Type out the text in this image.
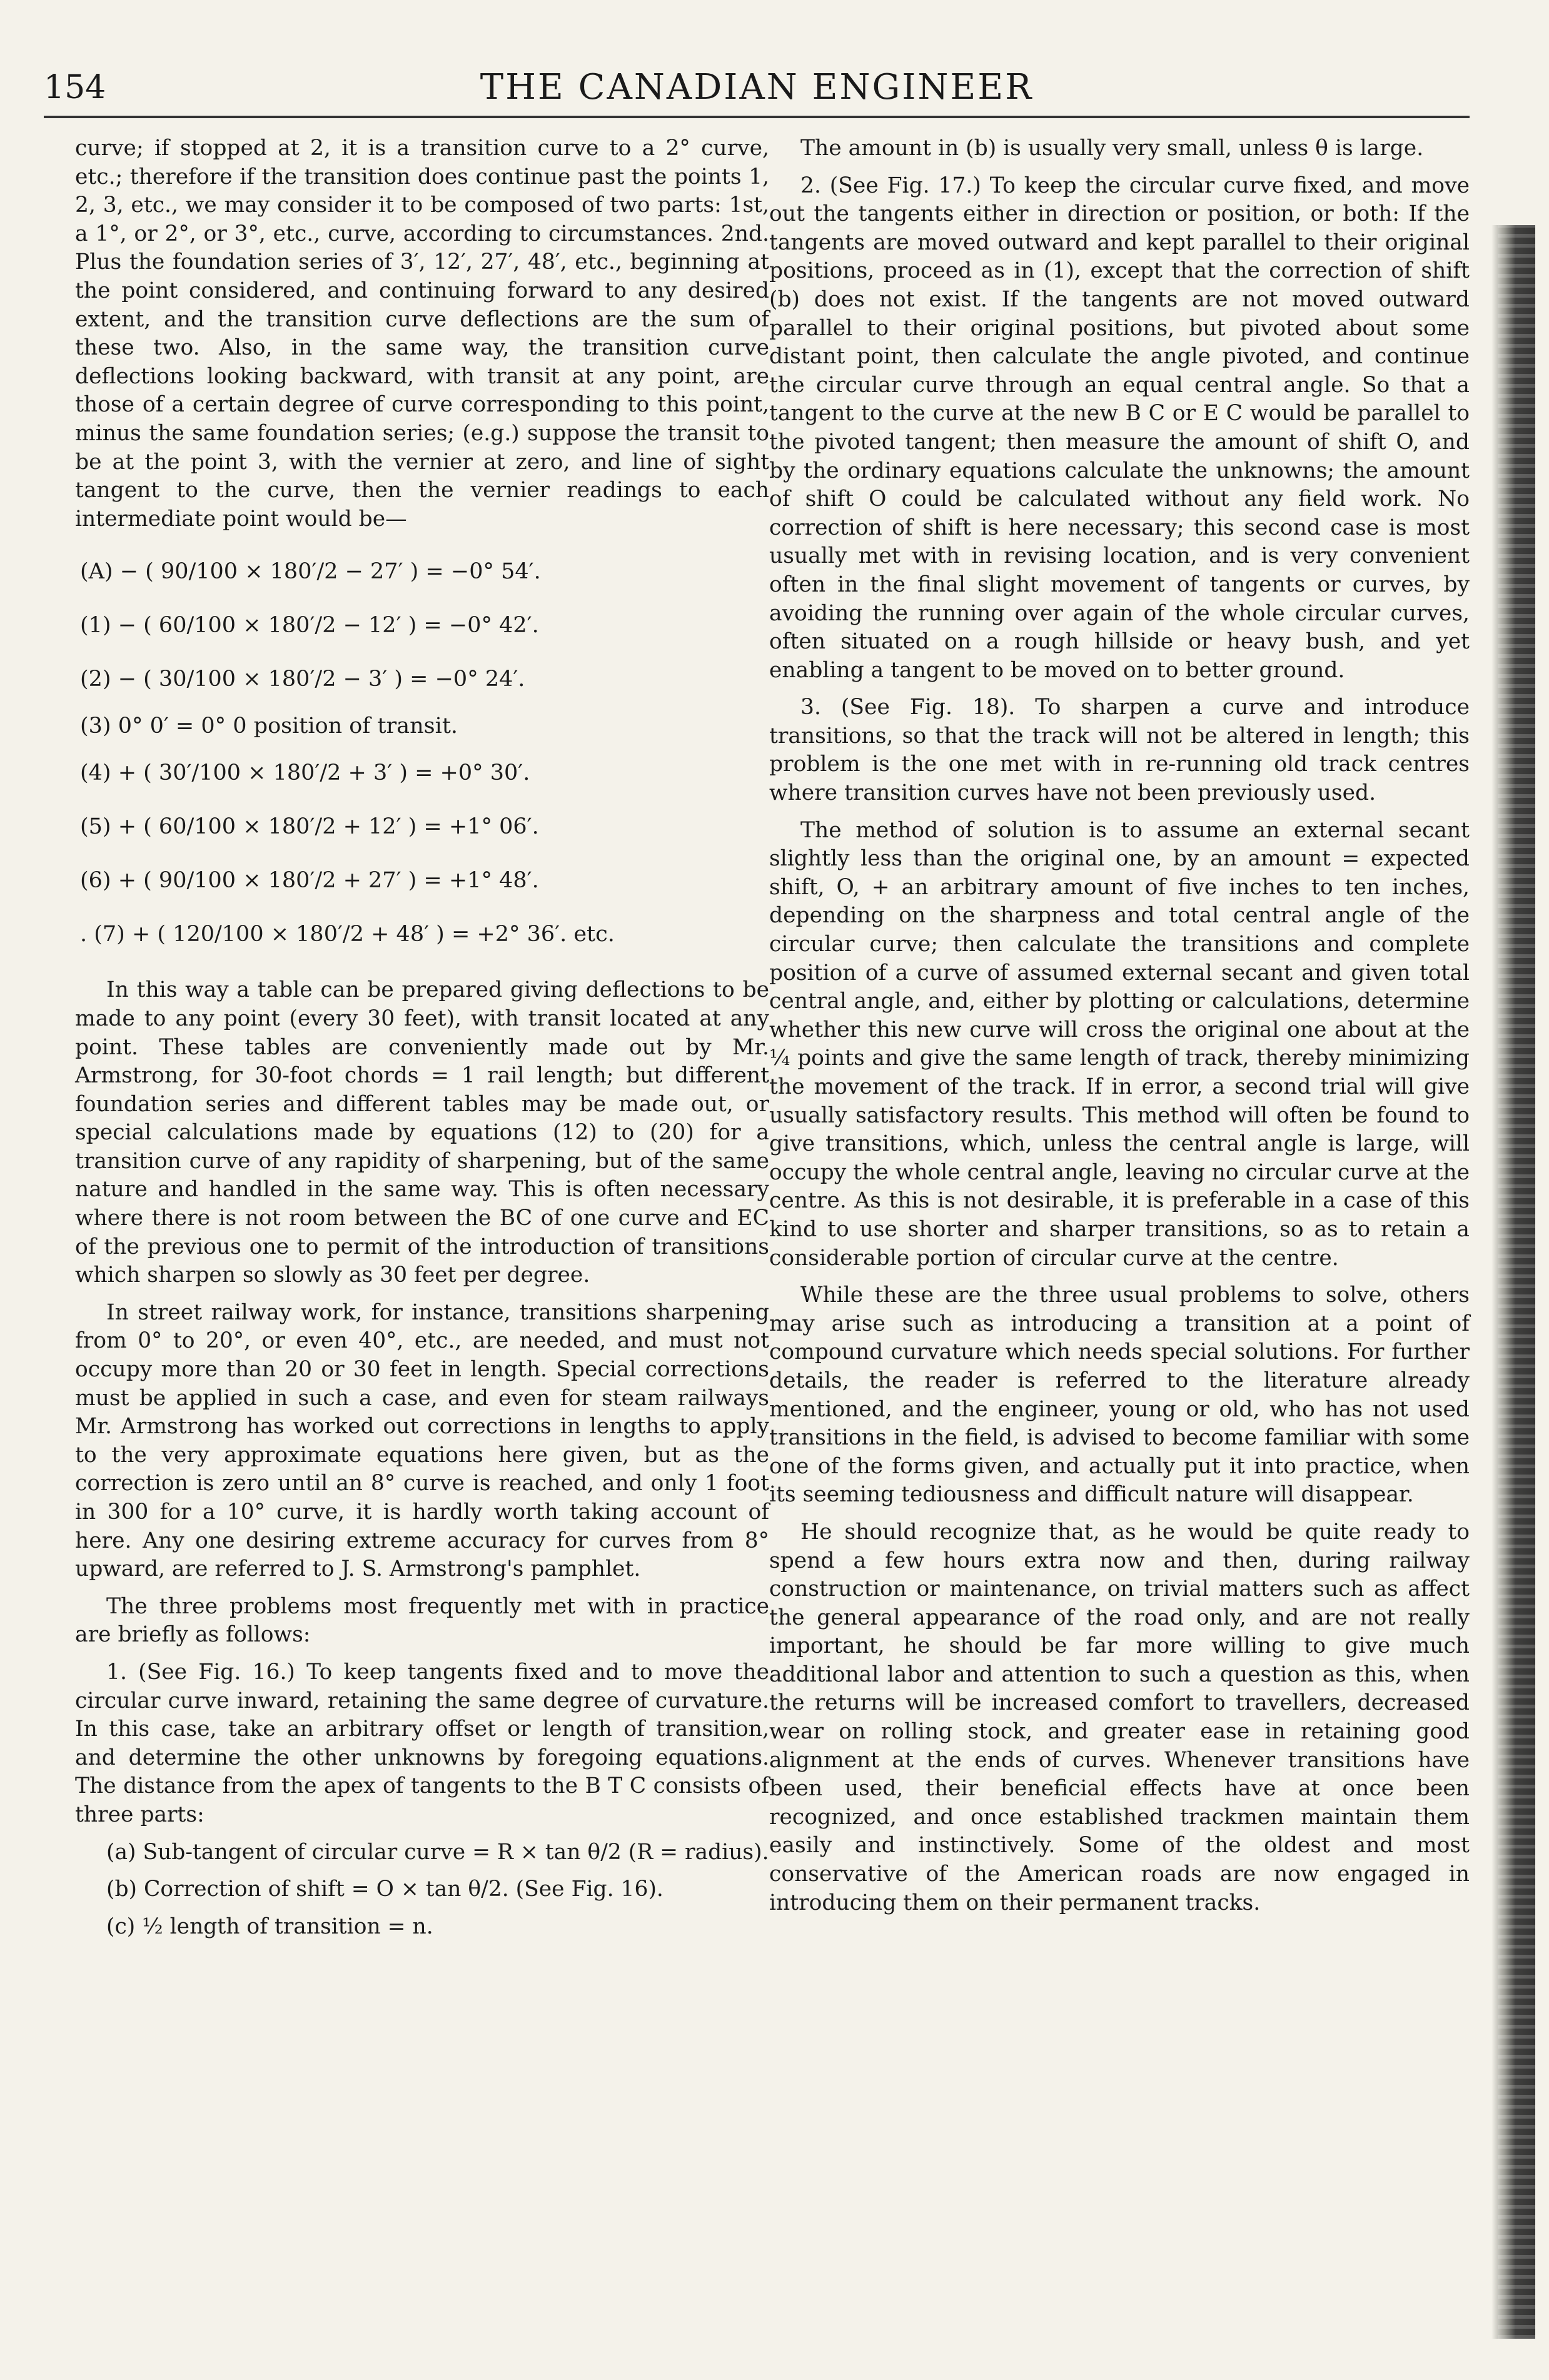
154	THE CANADIAN ENGINEER

curve; if stopped at 2, it is a transition curve to a 2° curve, etc.; therefore if the transition does continue past the points 1, 2, 3, etc., we may consider it to be composed of two parts: 1st, a 1°, or 2°, or 3°, etc., curve, according to circumstances. 2nd. Plus the foundation series of 3′, 12′, 27′, 48′, etc., beginning at the point considered, and continuing forward to any desired extent, and the transition curve deflections are the sum of these two. Also, in the same way, the transition curve deflections looking backward, with transit at any point, are those of a certain degree of curve corresponding to this point, minus the same foundation series; (e.g.) suppose the transit to be at the point 3, with the vernier at zero, and line of sight tangent to the curve, then the vernier readings to each intermediate point would be—

(A) − ( 90/100 × 180′/2 − 27′ ) = −0° 54′.
(1) − ( 60/100 × 180′/2 − 12′ ) = −0° 42′.
(2) − ( 30/100 × 180′/2 − 3′ ) = −0° 24′.
(3) 0° 0′ = 0° 0 position of transit.
(4) + ( 30′/100 × 180′/2 + 3′ ) = +0° 30′.
(5) + ( 60/100 × 180′/2 + 12′ ) = +1° 06′.
(6) + ( 90/100 × 180′/2 + 27′ ) = +1° 48′.
. (7) + ( 120/100 × 180′/2 + 48′ ) = +2° 36′. etc.

In this way a table can be prepared giving deflections to be made to any point (every 30 feet), with transit located at any point. These tables are conveniently made out by Mr. Armstrong, for 30-foot chords = 1 rail length; but different foundation series and different tables may be made out, or special calculations made by equations (12) to (20) for a transition curve of any rapidity of sharpening, but of the same nature and handled in the same way. This is often necessary where there is not room between the BC of one curve and EC of the previous one to permit of the introduction of transitions which sharpen so slowly as 30 feet per degree.

In street railway work, for instance, transitions sharpening from 0° to 20°, or even 40°, etc., are needed, and must not occupy more than 20 or 30 feet in length. Special corrections must be applied in such a case, and even for steam railways Mr. Armstrong has worked out corrections in lengths to apply to the very approximate equations here given, but as the correction is zero until an 8° curve is reached, and only 1 foot in 300 for a 10° curve, it is hardly worth taking account of here. Any one desiring extreme accuracy for curves from 8° upward, are referred to J. S. Armstrong's pamphlet.

The three problems most frequently met with in practice are briefly as follows:

1. (See Fig. 16.) To keep tangents fixed and to move the circular curve inward, retaining the same degree of curvature. In this case, take an arbitrary offset or length of transition, and determine the other unknowns by foregoing equations. The distance from the apex of tangents to the B T C consists of three parts:

(a) Sub-tangent of circular curve = R × tan θ/2 (R = radius).

(b) Correction of shift = O × tan θ/2. (See Fig. 16).

(c) ½ length of transition = n.

The amount in (b) is usually very small, unless θ is large.

2. (See Fig. 17.) To keep the circular curve fixed, and move out the tangents either in direction or position, or both: If the tangents are moved outward and kept parallel to their original positions, proceed as in (1), except that the correction of shift (b) does not exist. If the tangents are not moved outward parallel to their original positions, but pivoted about some distant point, then calculate the angle pivoted, and continue the circular curve through an equal central angle. So that a tangent to the curve at the new B C or E C would be parallel to the pivoted tangent; then measure the amount of shift O, and by the ordinary equations calculate the unknowns; the amount of shift O could be calculated without any field work. No correction of shift is here necessary; this second case is most usually met with in revising location, and is very convenient often in the final slight movement of tangents or curves, by avoiding the running over again of the whole circular curves, often situated on a rough hillside or heavy bush, and yet enabling a tangent to be moved on to better ground.

3. (See Fig. 18). To sharpen a curve and introduce transitions, so that the track will not be altered in length; this problem is the one met with in re-running old track centres where transition curves have not been previously used.

The method of solution is to assume an external secant slightly less than the original one, by an amount = expected shift, O, + an arbitrary amount of five inches to ten inches, depending on the sharpness and total central angle of the circular curve; then calculate the transitions and complete position of a curve of assumed external secant and given total central angle, and, either by plotting or calculations, determine whether this new curve will cross the original one about at the ¼ points and give the same length of track, thereby minimizing the movement of the track. If in error, a second trial will give usually satisfactory results. This method will often be found to give transitions, which, unless the central angle is large, will occupy the whole central angle, leaving no circular curve at the centre. As this is not desirable, it is preferable in a case of this kind to use shorter and sharper transitions, so as to retain a considerable portion of circular curve at the centre.

While these are the three usual problems to solve, others may arise such as introducing a transition at a point of compound curvature which needs special solutions. For further details, the reader is referred to the literature already mentioned, and the engineer, young or old, who has not used transitions in the field, is advised to become familiar with some one of the forms given, and actually put it into practice, when its seeming tediousness and difficult nature will disappear.

He should recognize that, as he would be quite ready to spend a few hours extra now and then, during railway construction or maintenance, on trivial matters such as affect the general appearance of the road only, and are not really important, he should be far more willing to give much additional labor and attention to such a question as this, when the returns will be increased comfort to travellers, decreased wear on rolling stock, and greater ease in retaining good alignment at the ends of curves. Whenever transitions have been used, their beneficial effects have at once been recognized, and once established trackmen maintain them easily and instinctively. Some of the oldest and most conservative of the American roads are now engaged in introducing them on their permanent tracks.
